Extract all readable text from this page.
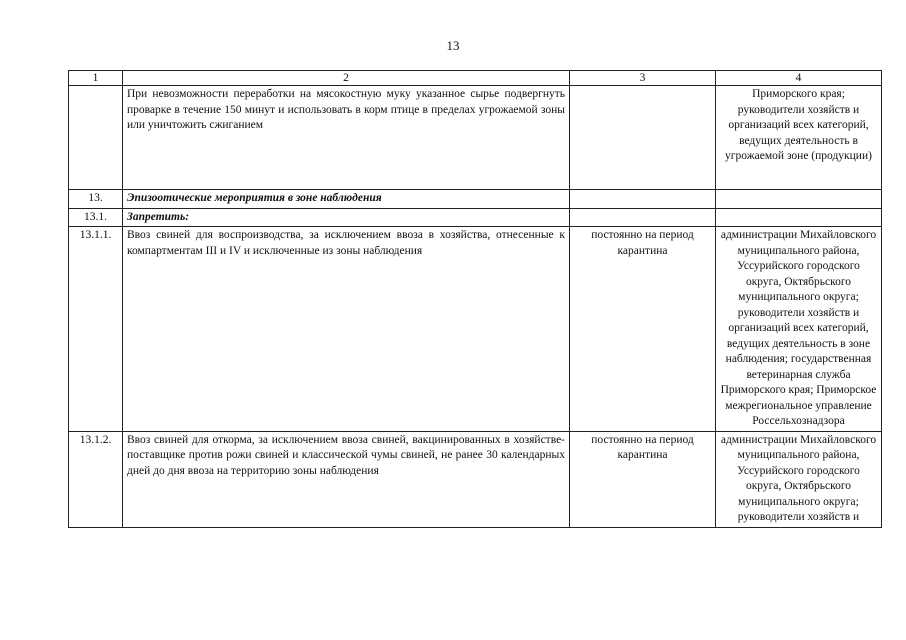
13
1	2	3	4
	При невозможности переработки на мясокостную муку указанное сырье подвергнуть проварке в течение 150 минут и использовать в корм птице в пределах угрожаемой зоны или уничтожить сжиганием		Приморского края; руководители хозяйств и организаций всех категорий, ведущих деятельность в угрожаемой зоне (продукции)
13.	Эпизоотические мероприятия в зоне наблюдения		
13.1.	Запретить:		
13.1.1.	Ввоз свиней для воспроизводства, за исключением ввоза в хозяйства, отнесенные к компартментам III и IV и исключенные из зоны наблюдения	постоянно на период карантина	администрации Михайловского муниципального района, Уссурийского городского округа, Октябрьского муниципального округа; руководители хозяйств и организаций всех категорий, ведущих деятельность в зоне наблюдения; государственная ветеринарная служба Приморского края; Приморское межрегиональное управление Россельхознадзора
13.1.2.	Ввоз свиней для откорма, за исключением ввоза свиней, вакцинированных в хозяйстве-поставщике против рожи свиней и классической чумы свиней, не ранее 30 календарных дней до дня ввоза на территорию зоны наблюдения	постоянно на период карантина	администрации Михайловского муниципального района, Уссурийского городского округа, Октябрьского муниципального округа; руководители хозяйств и
